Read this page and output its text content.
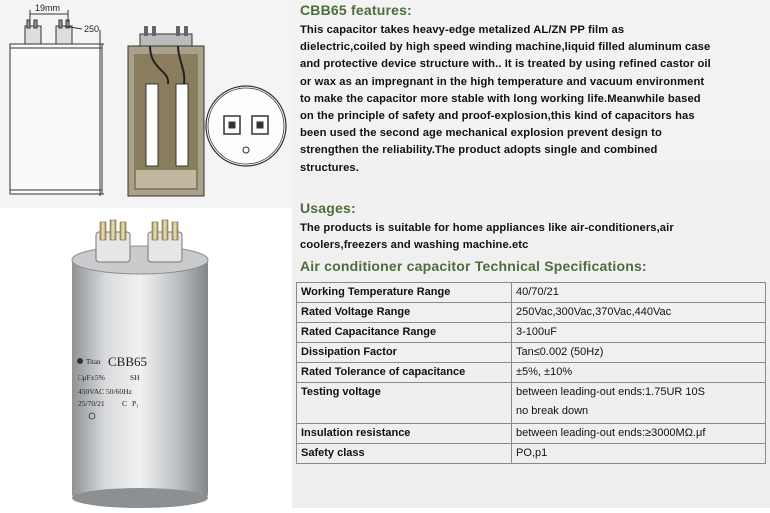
19mm
250
Titan CBB65
□μF±5%	SH
450VAC 50/60Hz
25/70/21 C P₁
CBB65 features:
This capacitor takes heavy-edge metalized AL/ZN PP film as
dielectric,coiled by high speed winding machine,liquid filled aluminum case
and protective device structure with.. It is treated by using refined castor oil
or wax as an impregnant in the high temperature and vacuum environment
to make the capacitor more stable with long working life.Meanwhile based
on the principle of safety and proof-explosion,this kind of capacitors has
been used the second age mechanical explosion prevent design to
strengthen the reliability.The product adopts single and combined
structures.
Usages:
The products is suitable for home appliances like air-conditioners,air
coolers,freezers and washing machine.etc
Air conditioner capacitor Technical Specifications:
Working Temperature Range	40/70/21
Rated Voltage Range	250Vac,300Vac,370Vac,440Vac
Rated Capacitance Range	3-100uF
Dissipation Factor	Tan≤0.002 (50Hz)
Rated Tolerance of capacitance	±5%, ±10%
Testing voltage	between leading-out ends:1.75UR 10S
no break down

Insulation resistance	between leading-out ends:≥3000MΩ.μf
Safety class	PO,p1
